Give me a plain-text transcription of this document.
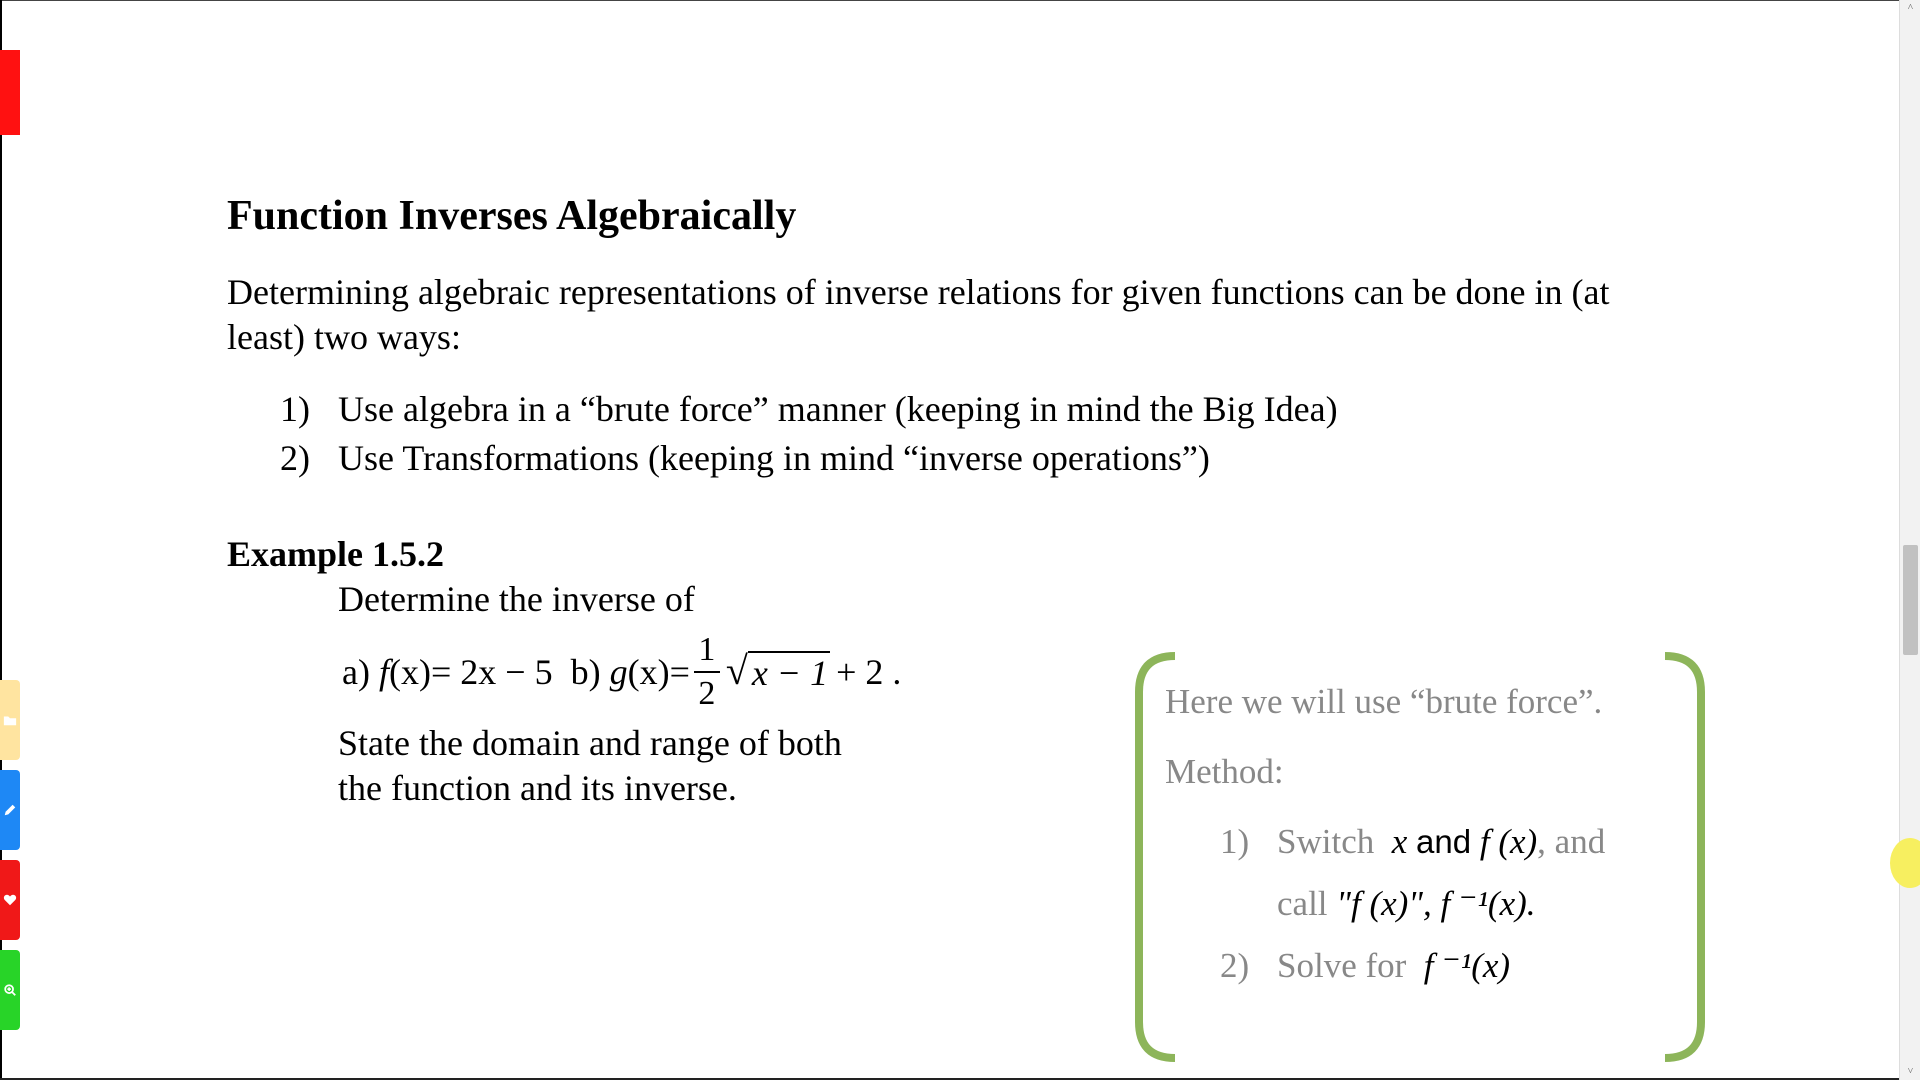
˄
˅
Function Inverses Algebraically

Determining algebraic representations of inverse relations for given functions can be done in (at least) two ways:

1) Use algebra in a “brute force” manner (keeping in mind the Big Idea)
2) Use Transformations (keeping in mind “inverse operations”)
Example 1.5.2

Determine the inverse of

a)
f (x) = 2x − 5
b)
g $(x) = \frac{1}{2}$ √ x − 1 + 2 .

State the domain and range of both
the function and its inverse.

Here we will use “brute force”.

Method:

1) Switch x and f (x), and

call "f (x)", f ⁻¹(x).

2) Solve for f ⁻¹(x)
